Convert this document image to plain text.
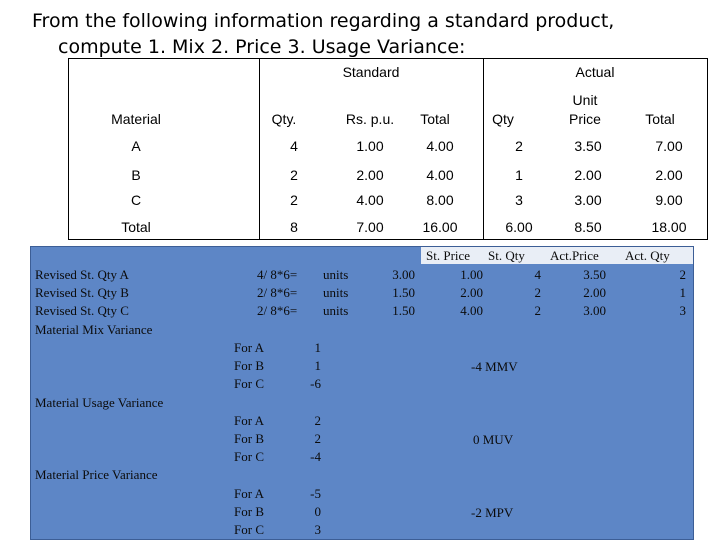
From the following information regarding a standard product,
compute 1. Mix 2. Price 3. Usage Variance:
Standard	Actual
Material	Qty.	Rs. p.u.	Total	Qty
Unit
Price	Total
A	4	1.00	4.00	2	3.50	7.00
B	2	2.00	4.00	1	2.00	2.00
C	2	4.00	8.00	3	3.00	9.00
Total	8	7.00	16.00	6.00	8.50	18.00
St. Price St. Qty Act.Price Act. Qty
Revised St. Qty A	4/ 8*6= units	3.00	1.00	4	3.50	2
Revised St. Qty B	2/ 8*6= units	1.50	2.00	2	2.00	1
Revised St. Qty C	2/ 8*6= units	1.50	4.00	2	3.00	3
Material Mix Variance
For A	1
For B	1
For C	-6
-4 MMV
Material Usage Variance
For A	2
For B	2
For C	-4
0 MUV
Material Price Variance
For A	-5
For B	0
For C	3
-2 MPV
